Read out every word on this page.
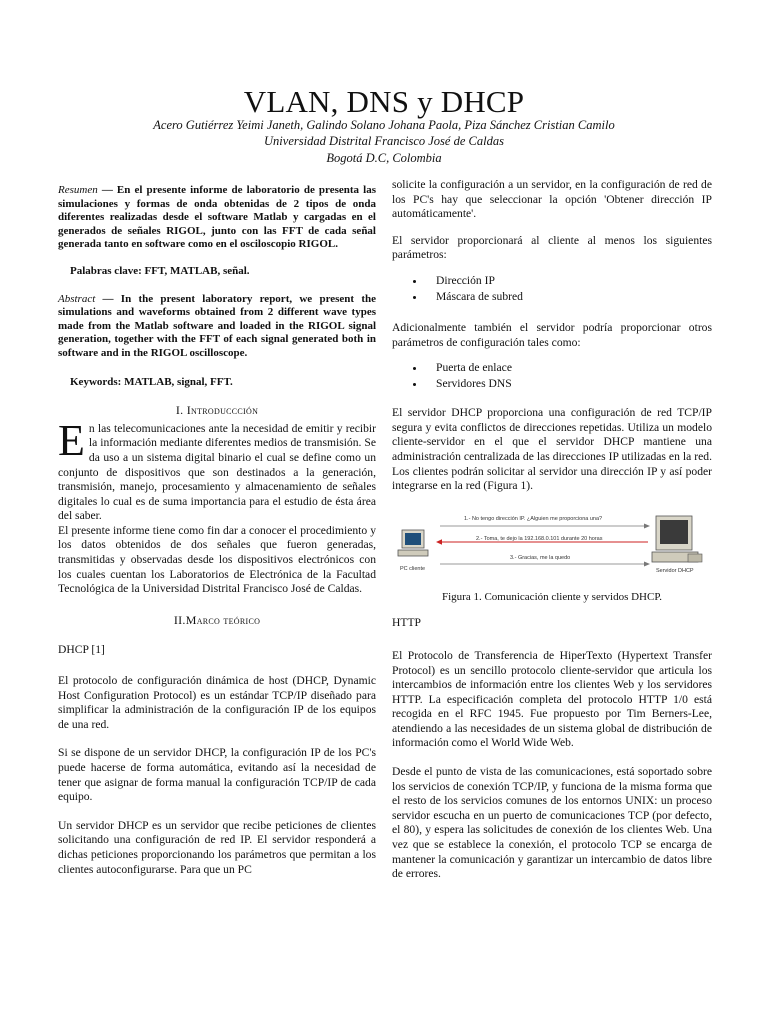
VLAN, DNS y DHCP
Acero Gutiérrez Yeimi Janeth, Galindo Solano Johana Paola, Piza Sánchez Cristian Camilo
Universidad Distrital Francisco José de Caldas
Bogotá D.C, Colombia

Resumen — En el presente informe de laboratorio de presenta las simulaciones y formas de onda obtenidas de 2 tipos de onda diferentes realizadas desde el software Matlab y cargadas en el generados de señales RIGOL, junto con las FFT de cada señal generada tanto en software como en el osciloscopio RIGOL.

Palabras clave: FFT, MATLAB, señal.

Abstract — In the present laboratory report, we present the simulations and waveforms obtained from 2 different wave types made from the Matlab software and loaded in the RIGOL signal generation, together with the FFT of each signal generated both in software and in the RIGOL oscilloscope.

Keywords: MATLAB, signal, FFT.
I. Introduccción

En las telecomunicaciones ante la necesidad de emitir y recibir la información mediante diferentes medios de transmisión. Se da uso a un sistema digital binario el cual se define como un conjunto de dispositivos que son destinados a la generación, transmisión, manejo, procesamiento y almacenamiento de señales digitales lo cual es de suma importancia para el estudio de ésta área del saber.

El presente informe tiene como fin dar a conocer el procedimiento y los datos obtenidos de dos señales que fueron generadas, transmitidas y observadas desde los dispositivos electrónicos con los cuales cuentan los Laboratorios de Electrónica de la Facultad Tecnológica de la Universidad Distrital Francisco José de Caldas.

II.Marco teórico
DHCP [1]

El protocolo de configuración dinámica de host (DHCP, Dynamic Host Configuration Protocol) es un estándar TCP/IP diseñado para simplificar la administración de la configuración IP de los equipos de una red.

Si se dispone de un servidor DHCP, la configuración IP de los PC's puede hacerse de forma automática, evitando así la necesidad de tener que asignar de forma manual la configuración TCP/IP de cada equipo.

Un servidor DHCP es un servidor que recibe peticiones de clientes solicitando una configuración de red IP. El servidor responderá a dichas peticiones proporcionando los parámetros que permitan a los clientes autoconfigurarse. Para que un PC

solicite la configuración a un servidor, en la configuración de red de los PC's hay que seleccionar la opción 'Obtener dirección IP automáticamente'.

El servidor proporcionará al cliente al menos los siguientes parámetros:

• Dirección IP
• Máscara de subred

Adicionalmente también el servidor podría proporcionar otros parámetros de configuración tales como:

• Puerta de enlace
• Servidores DNS

El servidor DHCP proporciona una configuración de red TCP/IP segura y evita conflictos de direcciones repetidas. Utiliza un modelo cliente-servidor en el que el servidor DHCP mantiene una administración centralizada de las direcciones IP utilizadas en la red. Los clientes podrán solicitar al servidor una dirección IP y así poder integrarse en la red (Figura 1).

PC cliente	Servidor DHCP
1.- No tengo dirección IP. ¿Alguien me proporciona una?
2.- Toma, te dejo la 192.168.0.101 durante 20 horas
3.- Gracias, me la quedo
Figura 1. Comunicación cliente y servidos DHCP.
HTTP

El Protocolo de Transferencia de HiperTexto (Hypertext Transfer Protocol) es un sencillo protocolo cliente-servidor que articula los intercambios de información entre los clientes Web y los servidores HTTP. La especificación completa del protocolo HTTP 1/0 está recogida en el RFC 1945. Fue propuesto por Tim Berners-Lee, atendiendo a las necesidades de un sistema global de distribución de información como el World Wide Web.

Desde el punto de vista de las comunicaciones, está soportado sobre los servicios de conexión TCP/IP, y funciona de la misma forma que el resto de los servicios comunes de los entornos UNIX: un proceso servidor escucha en un puerto de comunicaciones TCP (por defecto, el 80), y espera las solicitudes de conexión de los clientes Web. Una vez que se establece la conexión, el protocolo TCP se encarga de mantener la comunicación y garantizar un intercambio de datos libre de errores.
